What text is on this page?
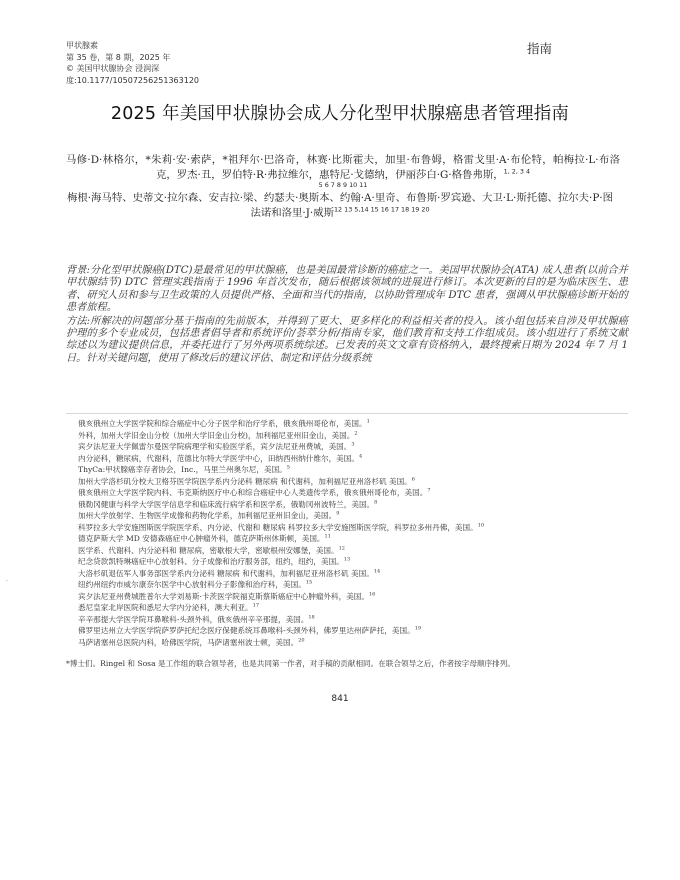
甲状腺素
第 35 卷，第 8 期，2025 年
© 美国甲状腺协会 浸润深
度:10.1177/10507256251363120
指南
2025 年美国甲状腺协会成人分化型甲状腺癌患者管理指南
马修·D·林格尔，*朱莉·安·索萨，*祖拜尔·巴洛奇，林赛·比斯霍夫，加里·布鲁姆，格雷戈里·A·布伦特，帕梅拉·L·布洛克，罗杰·丑，罗伯特·R·弗拉维尔，惠特尼·戈德纳，伊丽莎白·G·格鲁弗斯，$^{1, 2, 3 4}$
5 6 7 8 9 10 11
梅根·海马特、史蒂文·拉尔森、安吉拉·梁、约瑟夫·奥斯本、约翰·A·里奇、布鲁斯·罗宾逊、大卫·L·斯托德、拉尔夫·P·图法诺和洛里·J·威斯$^{12 13 5,14 15 16 17 18 19 20}$

背景:分化型甲状腺癌(DTC)是最常见的甲状腺癌，也是美国最常诊断的癌症之一。美国甲状腺协会(ATA) 成人患者(以前合并甲状腺结节) DTC 管理实践指南于 1996 年首次发布，随后根据该领域的进展进行修订。本次更新的目的是为临床医生、患者、研究人员和参与卫生政策的人员提供严格、全面和当代的指南，以协助管理成年 DTC 患者，强调从甲状腺癌诊断开始的患者旅程。

方法:所解决的问题部分基于指南的先前版本，并得到了更大、更多样化的利益相关者的投入。该小组包括来自涉及甲状腺癌护理的多个专业成员，包括患者倡导者和系统评价/荟萃分析/指南专家，他们教育和支持工作组成员。该小组进行了系统文献综述以为建议提供信息，并委托进行了另外两项系统综述。已发表的英文文章有资格纳入，最终搜索日期为 2024 年 7 月 1 日。针对关键问题，使用了修改后的建议评估、制定和评估分级系统

俄亥俄州立大学医学院和综合癌症中心分子医学和治疗学系，俄亥俄州哥伦布，美国。$^1$
外科，加州大学旧金山分校（加州大学旧金山分校)，加利福尼亚州旧金山，美国。$^2$
宾夕法尼亚大学佩雷尔曼医学院病理学和实验医学系，宾夕法尼亚州费城，美国。$^3$
内分泌科，糖尿病，代谢科，范德比尔特大学医学中心，田纳西州纳什维尔，美国。$^4$
ThyCa:甲状腺癌幸存者协会，Inc.，马里兰州奥尔尼，美国。$^5$
加州大学洛杉矶分校大卫格芬医学院医学系内分泌科 糖尿病 和代谢科，加利福尼亚州洛杉矶 美国。$^6$
俄亥俄州立大学医学院内科、韦克斯纳医疗中心和综合癌症中心人类遗传学系，俄亥俄州哥伦布，美国。$^7$
俄勒冈健康与科学大学医学信息学和临床流行病学系和医学系，俄勒冈州波特兰，美国。$^8$
加州大学放射学、生物医学成像和药物化学系，加利福尼亚州旧金山，美国。$^9$
科罗拉多大学安施图斯医学院医学系、内分泌、代谢和 糖尿病 科罗拉多大学安施图斯医学院，科罗拉多州丹佛，美国。$^{10}$
德克萨斯大学 MD 安德森癌症中心肿瘤外科，德克萨斯州休斯顿，美国。$^{11}$
医学系、代谢科、内分泌科和 糖尿病，密歇根大学，密歇根州安娜堡，美国。$^{12}$
纪念贷款凯特琳癌症中心放射科、分子成像和治疗服务部，纽约，纽约，美国。$^{13}$
大洛杉矶退伍军人事务部医学系内分泌科 糖尿病 和代谢科，加利福尼亚州洛杉矶 美国。$^{14}$
纽约州纽约市威尔康奈尔医学中心放射科分子影像和治疗科，美国。$^{15}$
宾夕法尼亚州费城胜普尔大学刘易斯·卡茨医学院福克斯蔡斯癌症中心肿瘤外科，美国。$^{16}$
悉尼皇家北岸医院和悉尼大学内分泌科，澳大利亚。$^{17}$
辛辛那提大学医学院耳鼻喉科-头颈外科，俄亥俄州辛辛那提，美国。$^{18}$
佛罗里达州立大学医学院萨罗萨托纪念医疗保健系统耳鼻喉科-头颈外科，佛罗里达州萨萨托，美国。$^{19}$
马萨诸塞州总医院内科，哈佛医学院，马萨诸塞州波士顿，美国。$^{20}$
*博士们。Ringel 和 Sosa 是工作组的联合领导者，也是共同第一作者，对手稿的贡献相同。在联合领导之后，作者按字母顺序排列。
·
841
